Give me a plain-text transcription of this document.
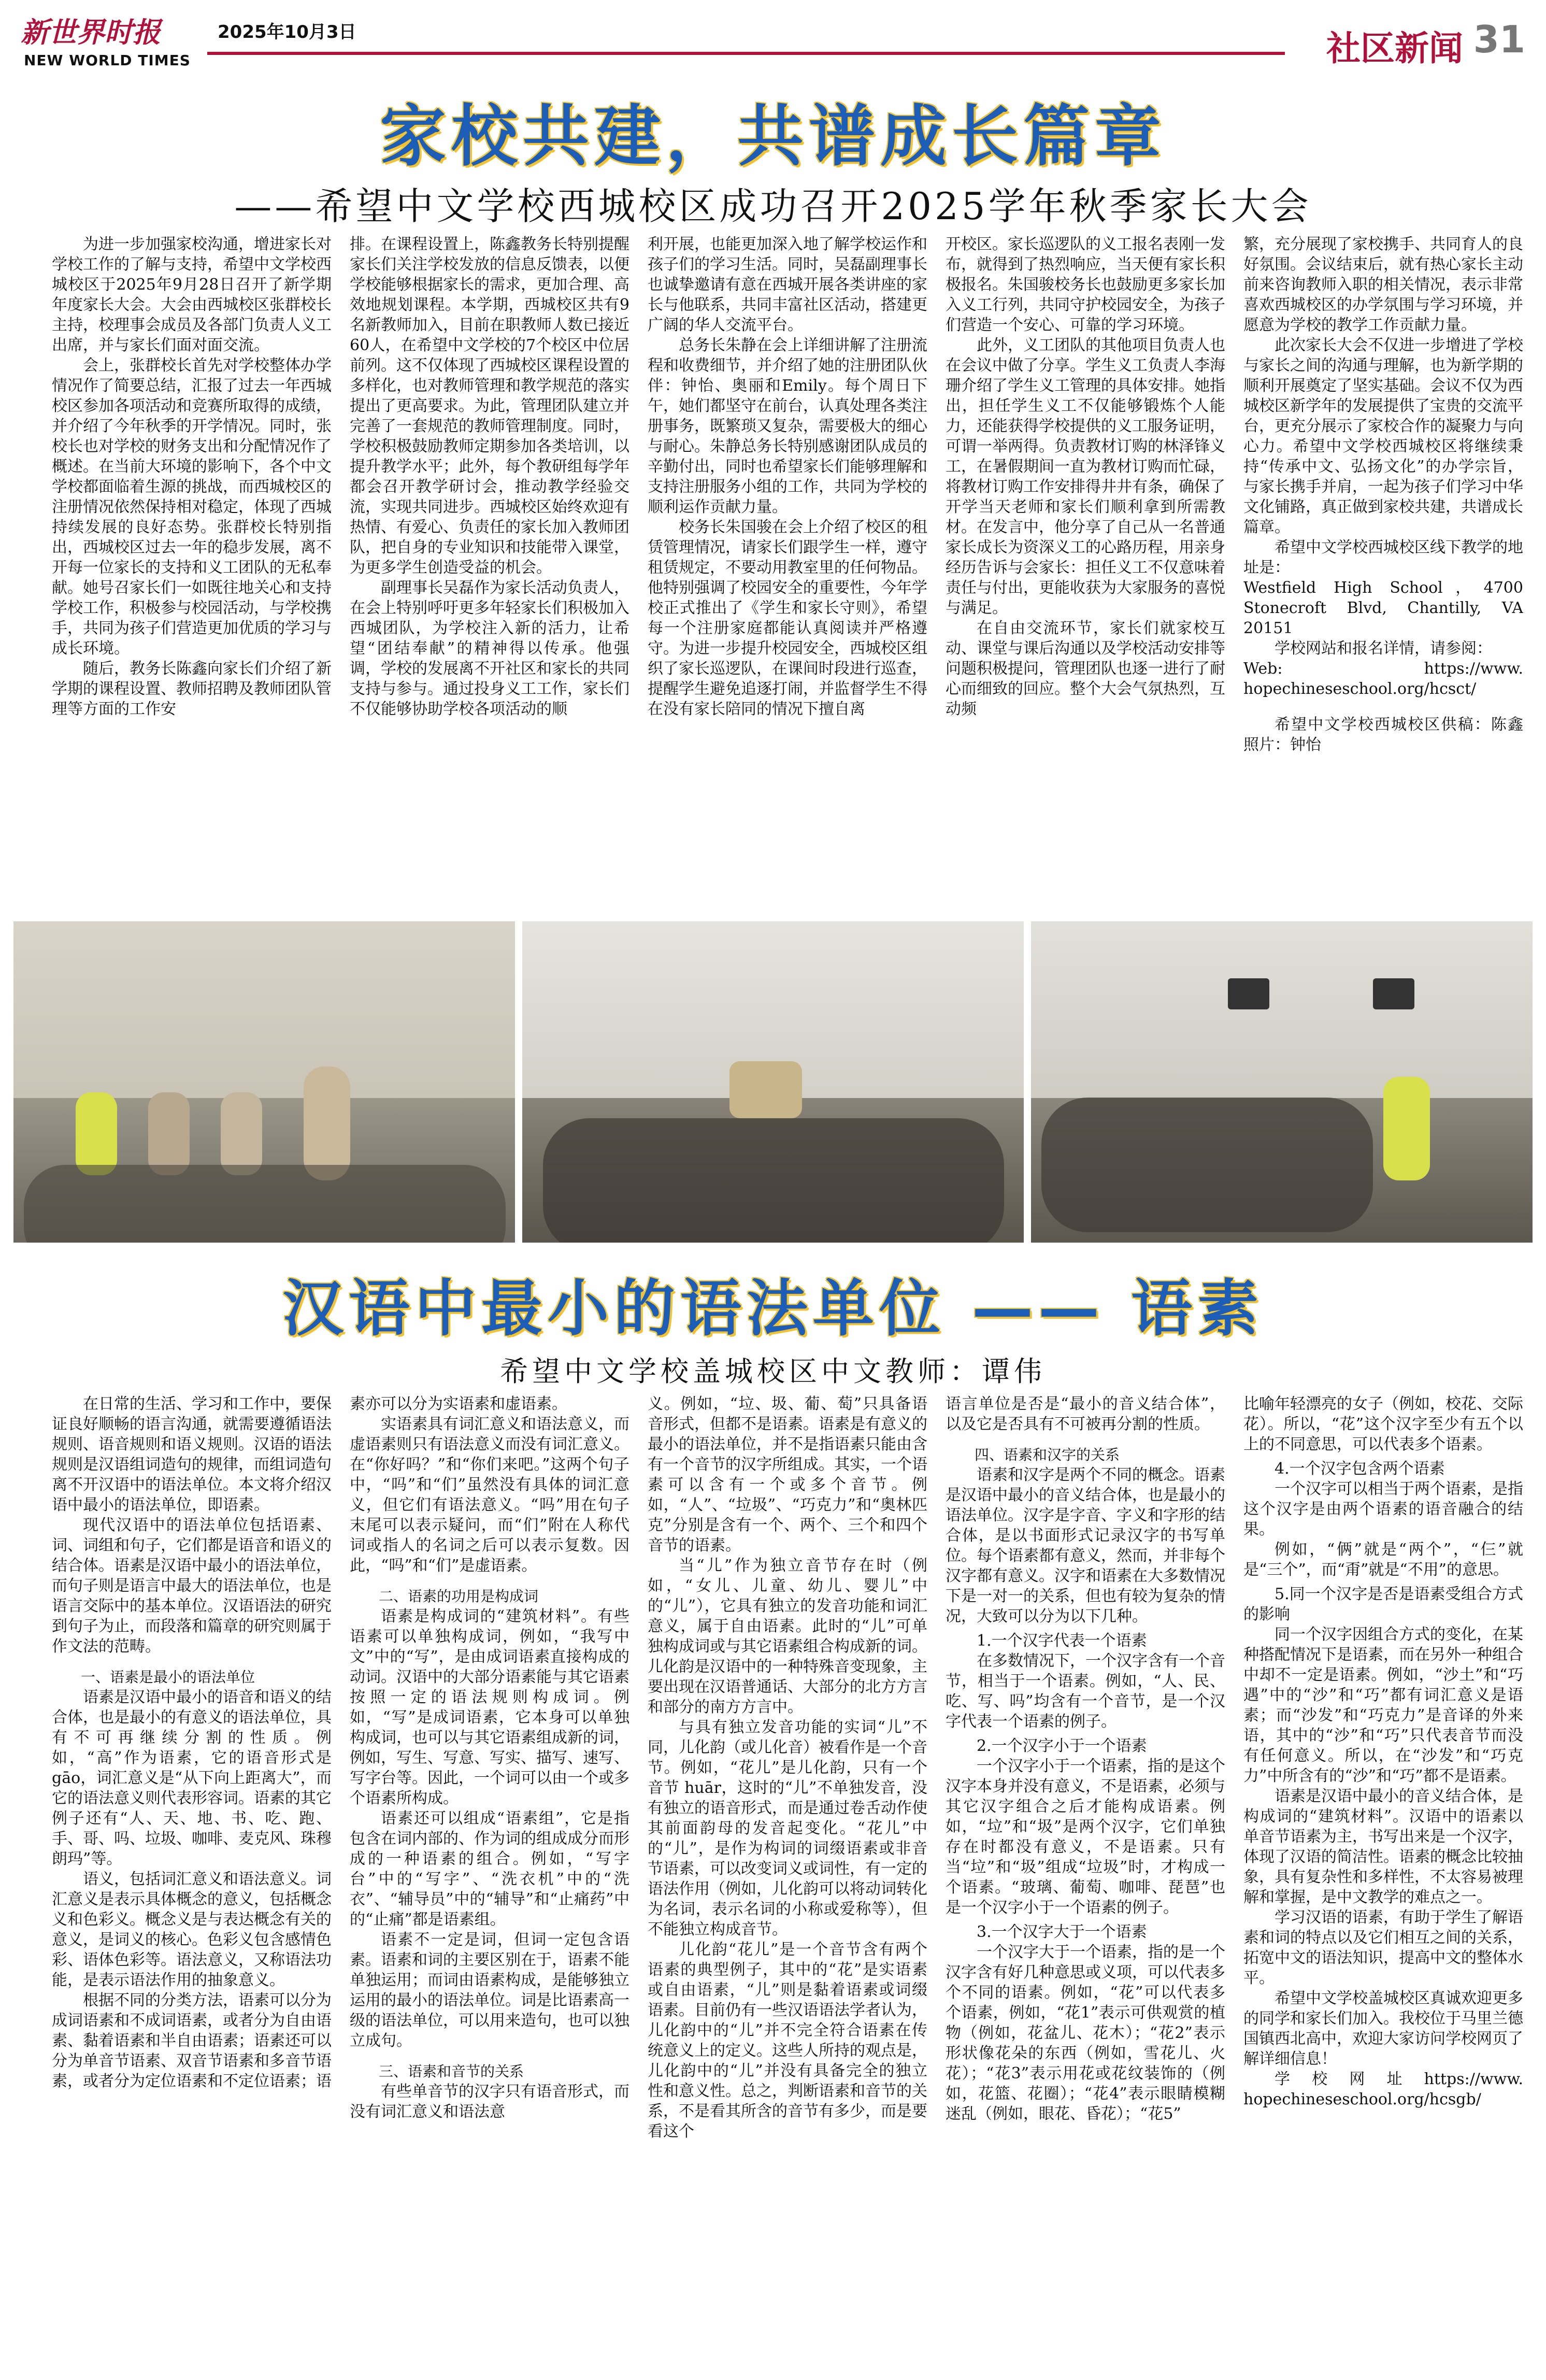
新世界时报	2025年10月3日
NEW WORLD TIMES	社区新闻 31
家校共建，共谱成长篇章
——希望中文学校西城校区成功召开2025学年秋季家长大会

为进一步加强家校沟通，增进家长对学校工作的了解与支持，希望中文学校西城校区于2025年9月28日召开了新学期年度家长大会。大会由西城校区张群校长主持，校理事会成员及各部门负责人义工出席，并与家长们面对面交流。

会上，张群校长首先对学校整体办学情况作了简要总结，汇报了过去一年西城校区参加各项活动和竞赛所取得的成绩，并介绍了今年秋季的开学情况。同时，张校长也对学校的财务支出和分配情况作了概述。在当前大环境的影响下，各个中文学校都面临着生源的挑战，而西城校区的注册情况依然保持相对稳定，体现了西城持续发展的良好态势。张群校长特别指出，西城校区过去一年的稳步发展，离不开每一位家长的支持和义工团队的无私奉献。她号召家长们一如既往地关心和支持学校工作，积极参与校园活动，与学校携手，共同为孩子们营造更加优质的学习与成长环境。

随后，教务长陈鑫向家长们介绍了新学期的课程设置、教师招聘及教师团队管理等方面的工作安

排。在课程设置上，陈鑫教务长特别提醒家长们关注学校发放的信息反馈表，以便学校能够根据家长的需求，更加合理、高效地规划课程。本学期，西城校区共有9名新教师加入，目前在职教师人数已接近60人，在希望中文学校的7个校区中位居前列。这不仅体现了西城校区课程设置的多样化，也对教师管理和教学规范的落实提出了更高要求。为此，管理团队建立并完善了一套规范的教师管理制度。同时，学校积极鼓励教师定期参加各类培训，以提升教学水平；此外，每个教研组每学年都会召开教学研讨会，推动教学经验交流，实现共同进步。西城校区始终欢迎有热情、有爱心、负责任的家长加入教师团队，把自身的专业知识和技能带入课堂，为更多学生创造受益的机会。

副理事长吴磊作为家长活动负责人，在会上特别呼吁更多年轻家长们积极加入西城团队，为学校注入新的活力，让希望“团结奉献”的精神得以传承。他强调，学校的发展离不开社区和家长的共同支持与参与。通过投身义工工作，家长们不仅能够协助学校各项活动的顺

利开展，也能更加深入地了解学校运作和孩子们的学习生活。同时，吴磊副理事长也诚挚邀请有意在西城开展各类讲座的家长与他联系，共同丰富社区活动，搭建更广阔的华人交流平台。

总务长朱静在会上详细讲解了注册流程和收费细节，并介绍了她的注册团队伙伴：钟怡、奥丽和Emily。每个周日下午，她们都坚守在前台，认真处理各类注册事务，既繁琐又复杂，需要极大的细心与耐心。朱静总务长特别感谢团队成员的辛勤付出，同时也希望家长们能够理解和支持注册服务小组的工作，共同为学校的顺利运作贡献力量。

校务长朱国骏在会上介绍了校区的租赁管理情况，请家长们跟学生一样，遵守租赁规定，不要动用教室里的任何物品。他特别强调了校园安全的重要性，今年学校正式推出了《学生和家长守则》，希望每一个注册家庭都能认真阅读并严格遵守。为进一步提升校园安全，西城校区组织了家长巡逻队，在课间时段进行巡查，提醒学生避免追逐打闹，并监督学生不得在没有家长陪同的情况下擅自离

开校区。家长巡逻队的义工报名表刚一发布，就得到了热烈响应，当天便有家长积极报名。朱国骏校务长也鼓励更多家长加入义工行列，共同守护校园安全，为孩子们营造一个安心、可靠的学习环境。

此外，义工团队的其他项目负责人也在会议中做了分享。学生义工负责人李海珊介绍了学生义工管理的具体安排。她指出，担任学生义工不仅能够锻炼个人能力，还能获得学校提供的义工服务证明，可谓一举两得。负责教材订购的林泽锋义工，在暑假期间一直为教材订购而忙碌，将教材订购工作安排得井井有条，确保了开学当天老师和家长们顺利拿到所需教材。在发言中，他分享了自己从一名普通家长成长为资深义工的心路历程，用亲身经历告诉与会家长：担任义工不仅意味着责任与付出，更能收获为大家服务的喜悦与满足。

在自由交流环节，家长们就家校互动、课堂与课后沟通以及学校活动安排等问题积极提问，管理团队也逐一进行了耐心而细致的回应。整个大会气氛热烈，互动频

繁，充分展现了家校携手、共同育人的良好氛围。会议结束后，就有热心家长主动前来咨询教师入职的相关情况，表示非常喜欢西城校区的办学氛围与学习环境，并愿意为学校的教学工作贡献力量。

此次家长大会不仅进一步增进了学校与家长之间的沟通与理解，也为新学期的顺利开展奠定了坚实基础。会议不仅为西城校区新学年的发展提供了宝贵的交流平台，更充分展示了家校合作的凝聚力与向心力。希望中文学校西城校区将继续秉持“传承中文、弘扬文化”的办学宗旨，与家长携手并肩，一起为孩子们学习中华文化铺路，真正做到家校共建，共谱成长篇章。

希望中文学校西城校区线下教学的地址是：

Westfield High School，4700 Stonecroft Blvd, Chantilly, VA 20151

学校网站和报名详情，请参阅：

Web: https://www. hopechineseschool.org/hcsct/

希望中文学校西城校区供稿：陈鑫 照片：钟怡

汉语中最小的语法单位 —— 语素
希望中文学校盖城校区中文教师：谭伟

在日常的生活、学习和工作中，要保证良好顺畅的语言沟通，就需要遵循语法规则、语音规则和语义规则。汉语的语法规则是汉语组词造句的规律，而组词造句离不开汉语中的语法单位。本文将介绍汉语中最小的语法单位，即语素。

现代汉语中的语法单位包括语素、词、词组和句子，它们都是语音和语义的结合体。语素是汉语中最小的语法单位，而句子则是语言中最大的语法单位，也是语言交际中的基本单位。汉语语法的研究到句子为止，而段落和篇章的研究则属于作文法的范畴。

一、语素是最小的语法单位

语素是汉语中最小的语音和语义的结合体，也是最小的有意义的语法单位，具有不可再继续分割的性质。例如，“高”作为语素，它的语音形式是gāo，词汇意义是“从下向上距离大”，而它的语法意义则代表形容词。语素的其它例子还有“人、天、地、书、吃、跑、手、哥、吗、垃圾、咖啡、麦克风、珠穆朗玛”等。

语义，包括词汇意义和语法意义。词汇意义是表示具体概念的意义，包括概念义和色彩义。概念义是与表达概念有关的意义，是词义的核心。色彩义包含感情色彩、语体色彩等。语法意义，又称语法功能，是表示语法作用的抽象意义。

根据不同的分类方法，语素可以分为成词语素和不成词语素，或者分为自由语素、黏着语素和半自由语素；语素还可以分为单音节语素、双音节语素和多音节语素，或者分为定位语素和不定位语素；语

素亦可以分为实语素和虚语素。

实语素具有词汇意义和语法意义，而虚语素则只有语法意义而没有词汇意义。在“你好吗？”和“你们来吧。”这两个句子中，“吗”和“们”虽然没有具体的词汇意义，但它们有语法意义。“吗”用在句子末尾可以表示疑问，而“们”附在人称代词或指人的名词之后可以表示复数。因此，“吗”和“们”是虚语素。

二、语素的功用是构成词

语素是构成词的“建筑材料”。有些语素可以单独构成词，例如，“我写中文”中的“写”，是由成词语素直接构成的动词。汉语中的大部分语素能与其它语素按照一定的语法规则构成词。例如，“写”是成词语素，它本身可以单独构成词，也可以与其它语素组成新的词，例如，写生、写意、写实、描写、速写、写字台等。因此，一个词可以由一个或多个语素所构成。

语素还可以组成“语素组”，它是指包含在词内部的、作为词的组成成分而形成的一种语素的组合。例如，“写字台”中的“写字”、“洗衣机”中的“洗衣”、“辅导员”中的“辅导”和“止痛药”中的“止痛”都是语素组。

语素不一定是词，但词一定包含语素。语素和词的主要区别在于，语素不能单独运用；而词由语素构成，是能够独立运用的最小的语法单位。词是比语素高一级的语法单位，可以用来造句，也可以独立成句。

三、语素和音节的关系

有些单音节的汉字只有语音形式，而没有词汇意义和语法意

义。例如，“垃、圾、葡、萄”只具备语音形式，但都不是语素。语素是有意义的最小的语法单位，并不是指语素只能由含有一个音节的汉字所组成。其实，一个语素可以含有一个或多个音节。例如，“人”、“垃圾”、“巧克力”和“奥林匹克”分别是含有一个、两个、三个和四个音节的语素。

当“儿”作为独立音节存在时（例如，“女儿、儿童、幼儿、婴儿”中的“儿”），它具有独立的发音功能和词汇意义，属于自由语素。此时的“儿”可单独构成词或与其它语素组合构成新的词。儿化韵是汉语中的一种特殊音变现象，主要出现在汉语普通话、大部分的北方方言和部分的南方方言中。

与具有独立发音功能的实词“儿”不同，儿化韵（或儿化音）被看作是一个音节。例如，“花儿”是儿化韵，只有一个音节 huār，这时的“儿”不单独发音，没有独立的语音形式，而是通过卷舌动作使其前面韵母的发音起变化。“花儿”中的“儿”，是作为构词的词缀语素或非音节语素，可以改变词义或词性，有一定的语法作用（例如，儿化韵可以将动词转化为名词，表示名词的小称或爱称等），但不能独立构成音节。

儿化韵“花儿”是一个音节含有两个语素的典型例子，其中的“花”是实语素或自由语素，“儿”则是黏着语素或词缀语素。目前仍有一些汉语语法学者认为，儿化韵中的“儿”并不完全符合语素在传统意义上的定义。这些人所持的观点是，儿化韵中的“儿”并没有具备完全的独立性和意义性。总之，判断语素和音节的关系，不是看其所含的音节有多少，而是要看这个

语言单位是否是“最小的音义结合体”，以及它是否具有不可被再分割的性质。

四、语素和汉字的关系

语素和汉字是两个不同的概念。语素是汉语中最小的音义结合体，也是最小的语法单位。汉字是字音、字义和字形的结合体，是以书面形式记录汉字的书写单位。每个语素都有意义，然而，并非每个汉字都有意义。汉字和语素在大多数情况下是一对一的关系，但也有较为复杂的情况，大致可以分为以下几种。

1.一个汉字代表一个语素

在多数情况下，一个汉字含有一个音节，相当于一个语素。例如，“人、民、吃、写、吗”均含有一个音节，是一个汉字代表一个语素的例子。

2.一个汉字小于一个语素

一个汉字小于一个语素，指的是这个汉字本身并没有意义，不是语素，必须与其它汉字组合之后才能构成语素。例如，“垃”和“圾”是两个汉字，它们单独存在时都没有意义，不是语素。只有当“垃”和“圾”组成“垃圾”时，才构成一个语素。“玻璃、葡萄、咖啡、琵琶”也是一个汉字小于一个语素的例子。

3.一个汉字大于一个语素

一个汉字大于一个语素，指的是一个汉字含有好几种意思或义项，可以代表多个不同的语素。例如，“花”可以代表多个语素，例如，“花1”表示可供观赏的植物（例如，花盆儿、花木）；“花2”表示形状像花朵的东西（例如，雪花儿、火花）；“花3”表示用花或花纹装饰的（例如，花篮、花圈）；“花4”表示眼睛模糊迷乱（例如，眼花、昏花）；“花5”

比喻年轻漂亮的女子（例如，校花、交际花）。所以，“花”这个汉字至少有五个以上的不同意思，可以代表多个语素。

4.一个汉字包含两个语素

一个汉字可以相当于两个语素，是指这个汉字是由两个语素的语音融合的结果。

例如，“俩”就是“两个”，“仨”就是“三个”，而“甭”就是“不用”的意思。

5.同一个汉字是否是语素受组合方式的影响

同一个汉字因组合方式的变化，在某种搭配情况下是语素，而在另外一种组合中却不一定是语素。例如，“沙土”和“巧遇”中的“沙”和“巧”都有词汇意义是语素；而“沙发”和“巧克力”是音译的外来语，其中的“沙”和“巧”只代表音节而没有任何意义。所以，在“沙发”和“巧克力”中所含有的“沙”和“巧”都不是语素。

语素是汉语中最小的音义结合体，是构成词的“建筑材料”。汉语中的语素以单音节语素为主，书写出来是一个汉字，体现了汉语的简洁性。语素的概念比较抽象，具有复杂性和多样性，不太容易被理解和掌握，是中文教学的难点之一。

学习汉语的语素，有助于学生了解语素和词的特点以及它们相互之间的关系，拓宽中文的语法知识，提高中文的整体水平。

希望中文学校盖城校区真诚欢迎更多的同学和家长们加入。我校位于马里兰德国镇西北高中，欢迎大家访问学校网页了解详细信息！

学 校 网 址 https://www. hopechineseschool.org/hcsgb/
